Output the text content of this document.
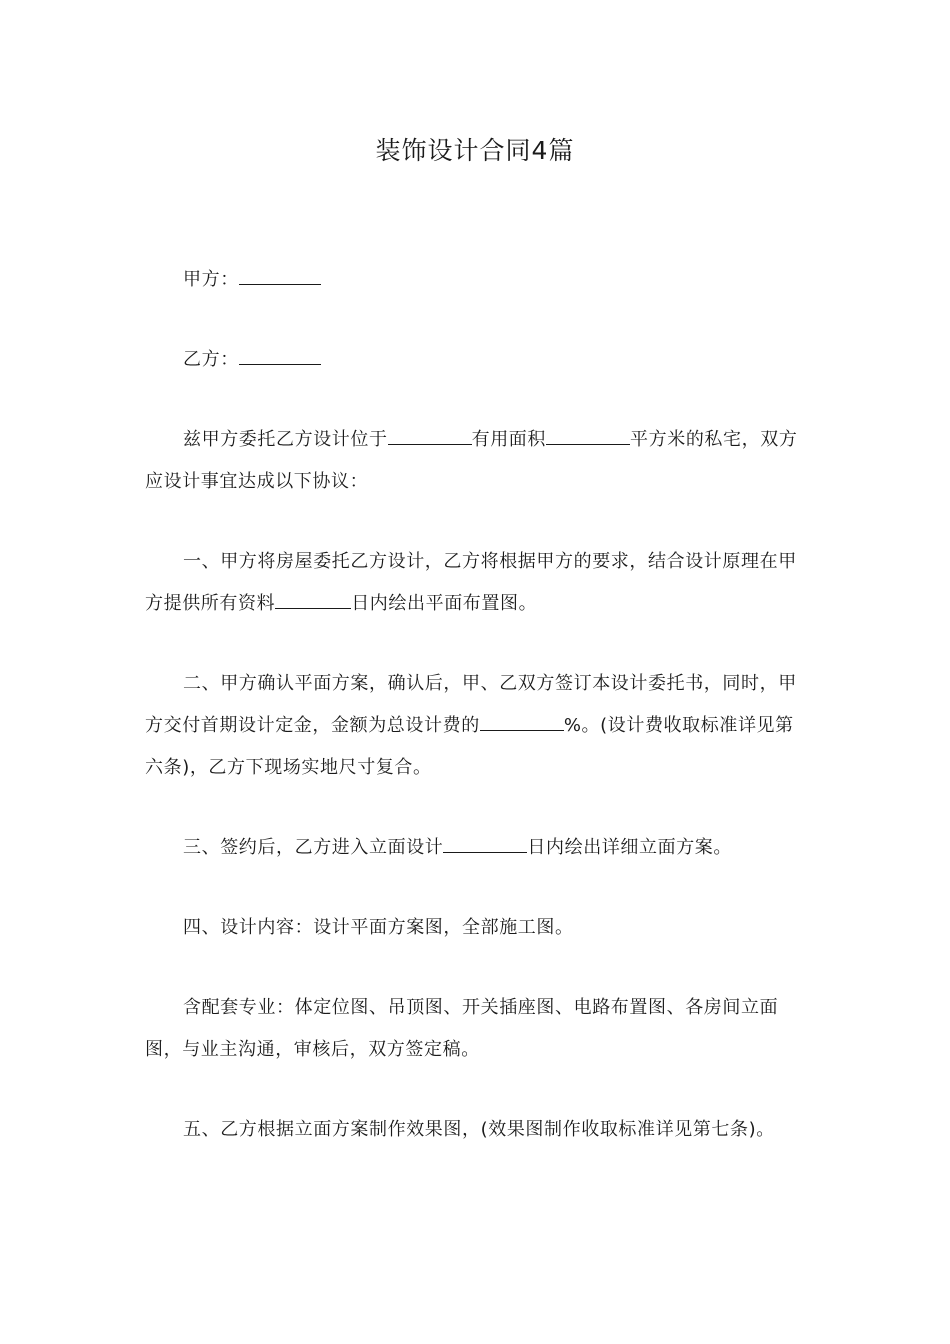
装饰设计合同4篇

甲方：

乙方：

兹甲方委托乙方设计位于	有用面积	平方米的私宅，双方应设计事宜达成以下协议：

一、甲方将房屋委托乙方设计，乙方将根据甲方的要求，结合设计原理在甲方提供所有资料	日内绘出平面布置图。

二、甲方确认平面方案，确认后，甲、乙双方签订本设计委托书，同时，甲方交付首期设计定金，金额为总设计费的	%。(设计费收取标准详见第六条)，乙方下现场实地尺寸复合。

三、签约后，乙方进入立面设计	日内绘出详细立面方案。

四、设计内容：设计平面方案图，全部施工图。

含配套专业：体定位图、吊顶图、开关插座图、电路布置图、各房间立面图，与业主沟通，审核后，双方签定稿。

五、乙方根据立面方案制作效果图，(效果图制作收取标准详见第七条)。
